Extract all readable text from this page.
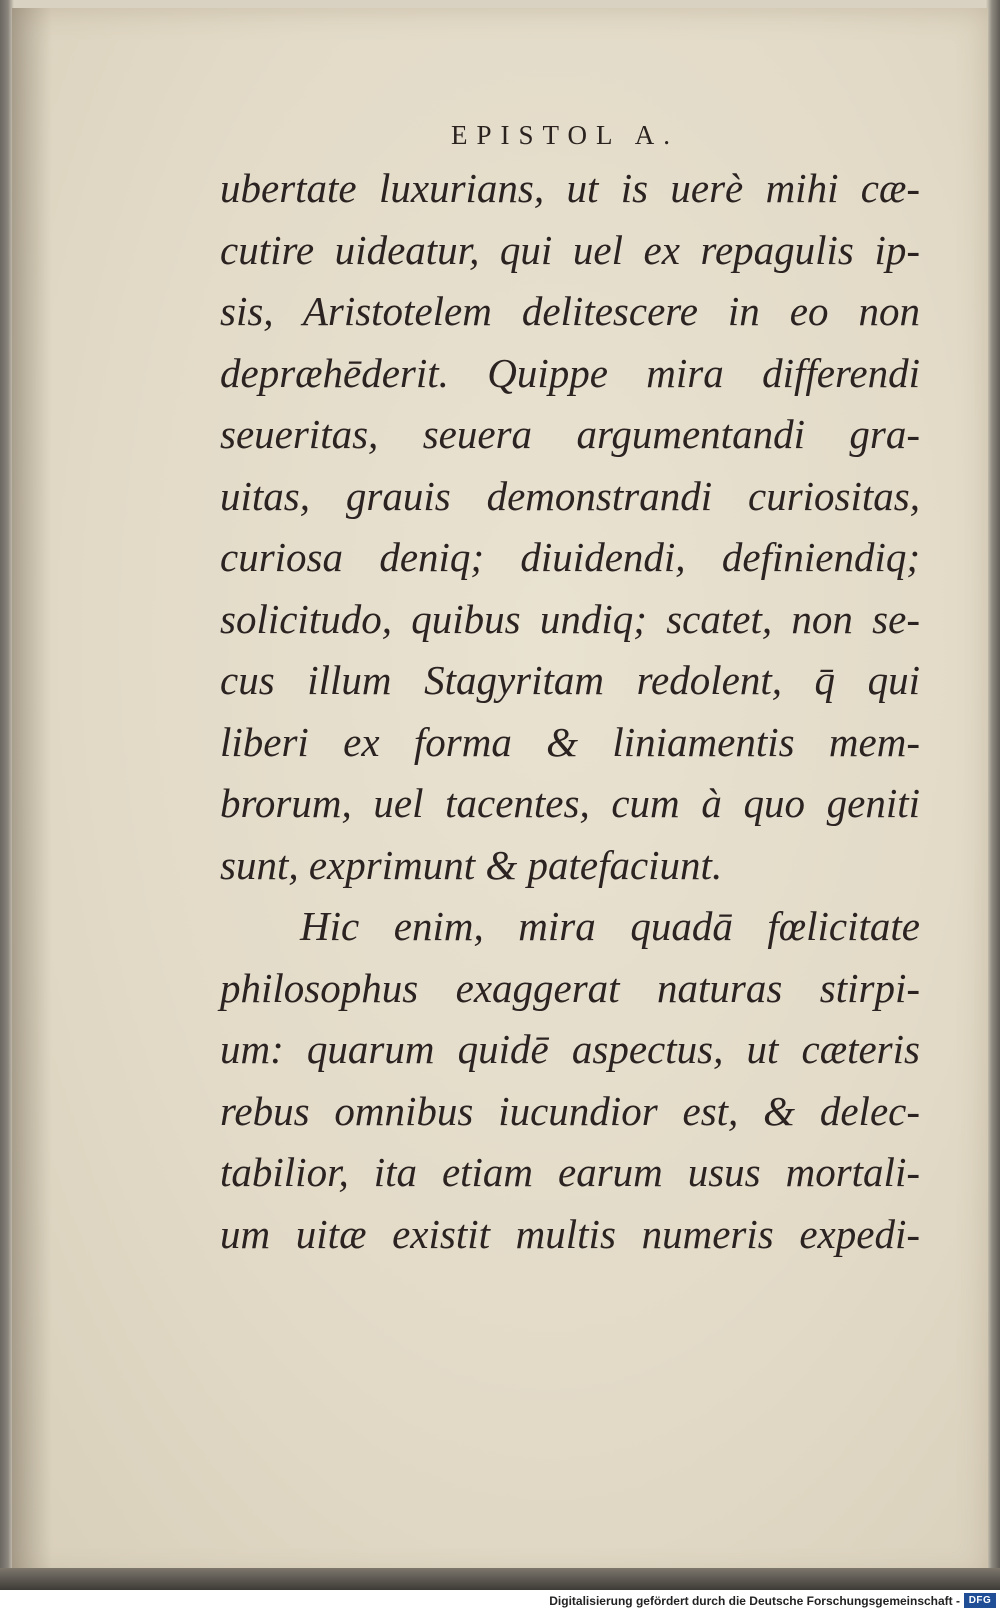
EPISTOL A.
ubertate luxurians, ut is uerè mihi cæ-
cutire uideatur, qui uel ex repagulis ip-
sis, Aristotelem delitescere in eo non
depræhēderit. Quippe mira differendi
seueritas, seuera argumentandi gra-
uitas, grauis demonstrandi curiositas,
curiosa deniq; diuidendi, definiendiq;
solicitudo, quibus undiq; scatet, non se-
cus illum Stagyritam redolent, q̄ qui
liberi ex forma & liniamentis mem-
brorum, uel tacentes, cum à quo geniti
sunt, exprimunt & patefaciunt.
Hic enim, mira quadā fœlicitate
philosophus exaggerat naturas stirpi-
um: quarum quidē aspectus, ut cæteris
rebus omnibus iucundior est, & delec-
tabilior, ita etiam earum usus mortali-
um uitæ existit multis numeris expedi-
Digitalisierung gefördert durch die Deutsche Forschungsgemeinschaft - DFG
